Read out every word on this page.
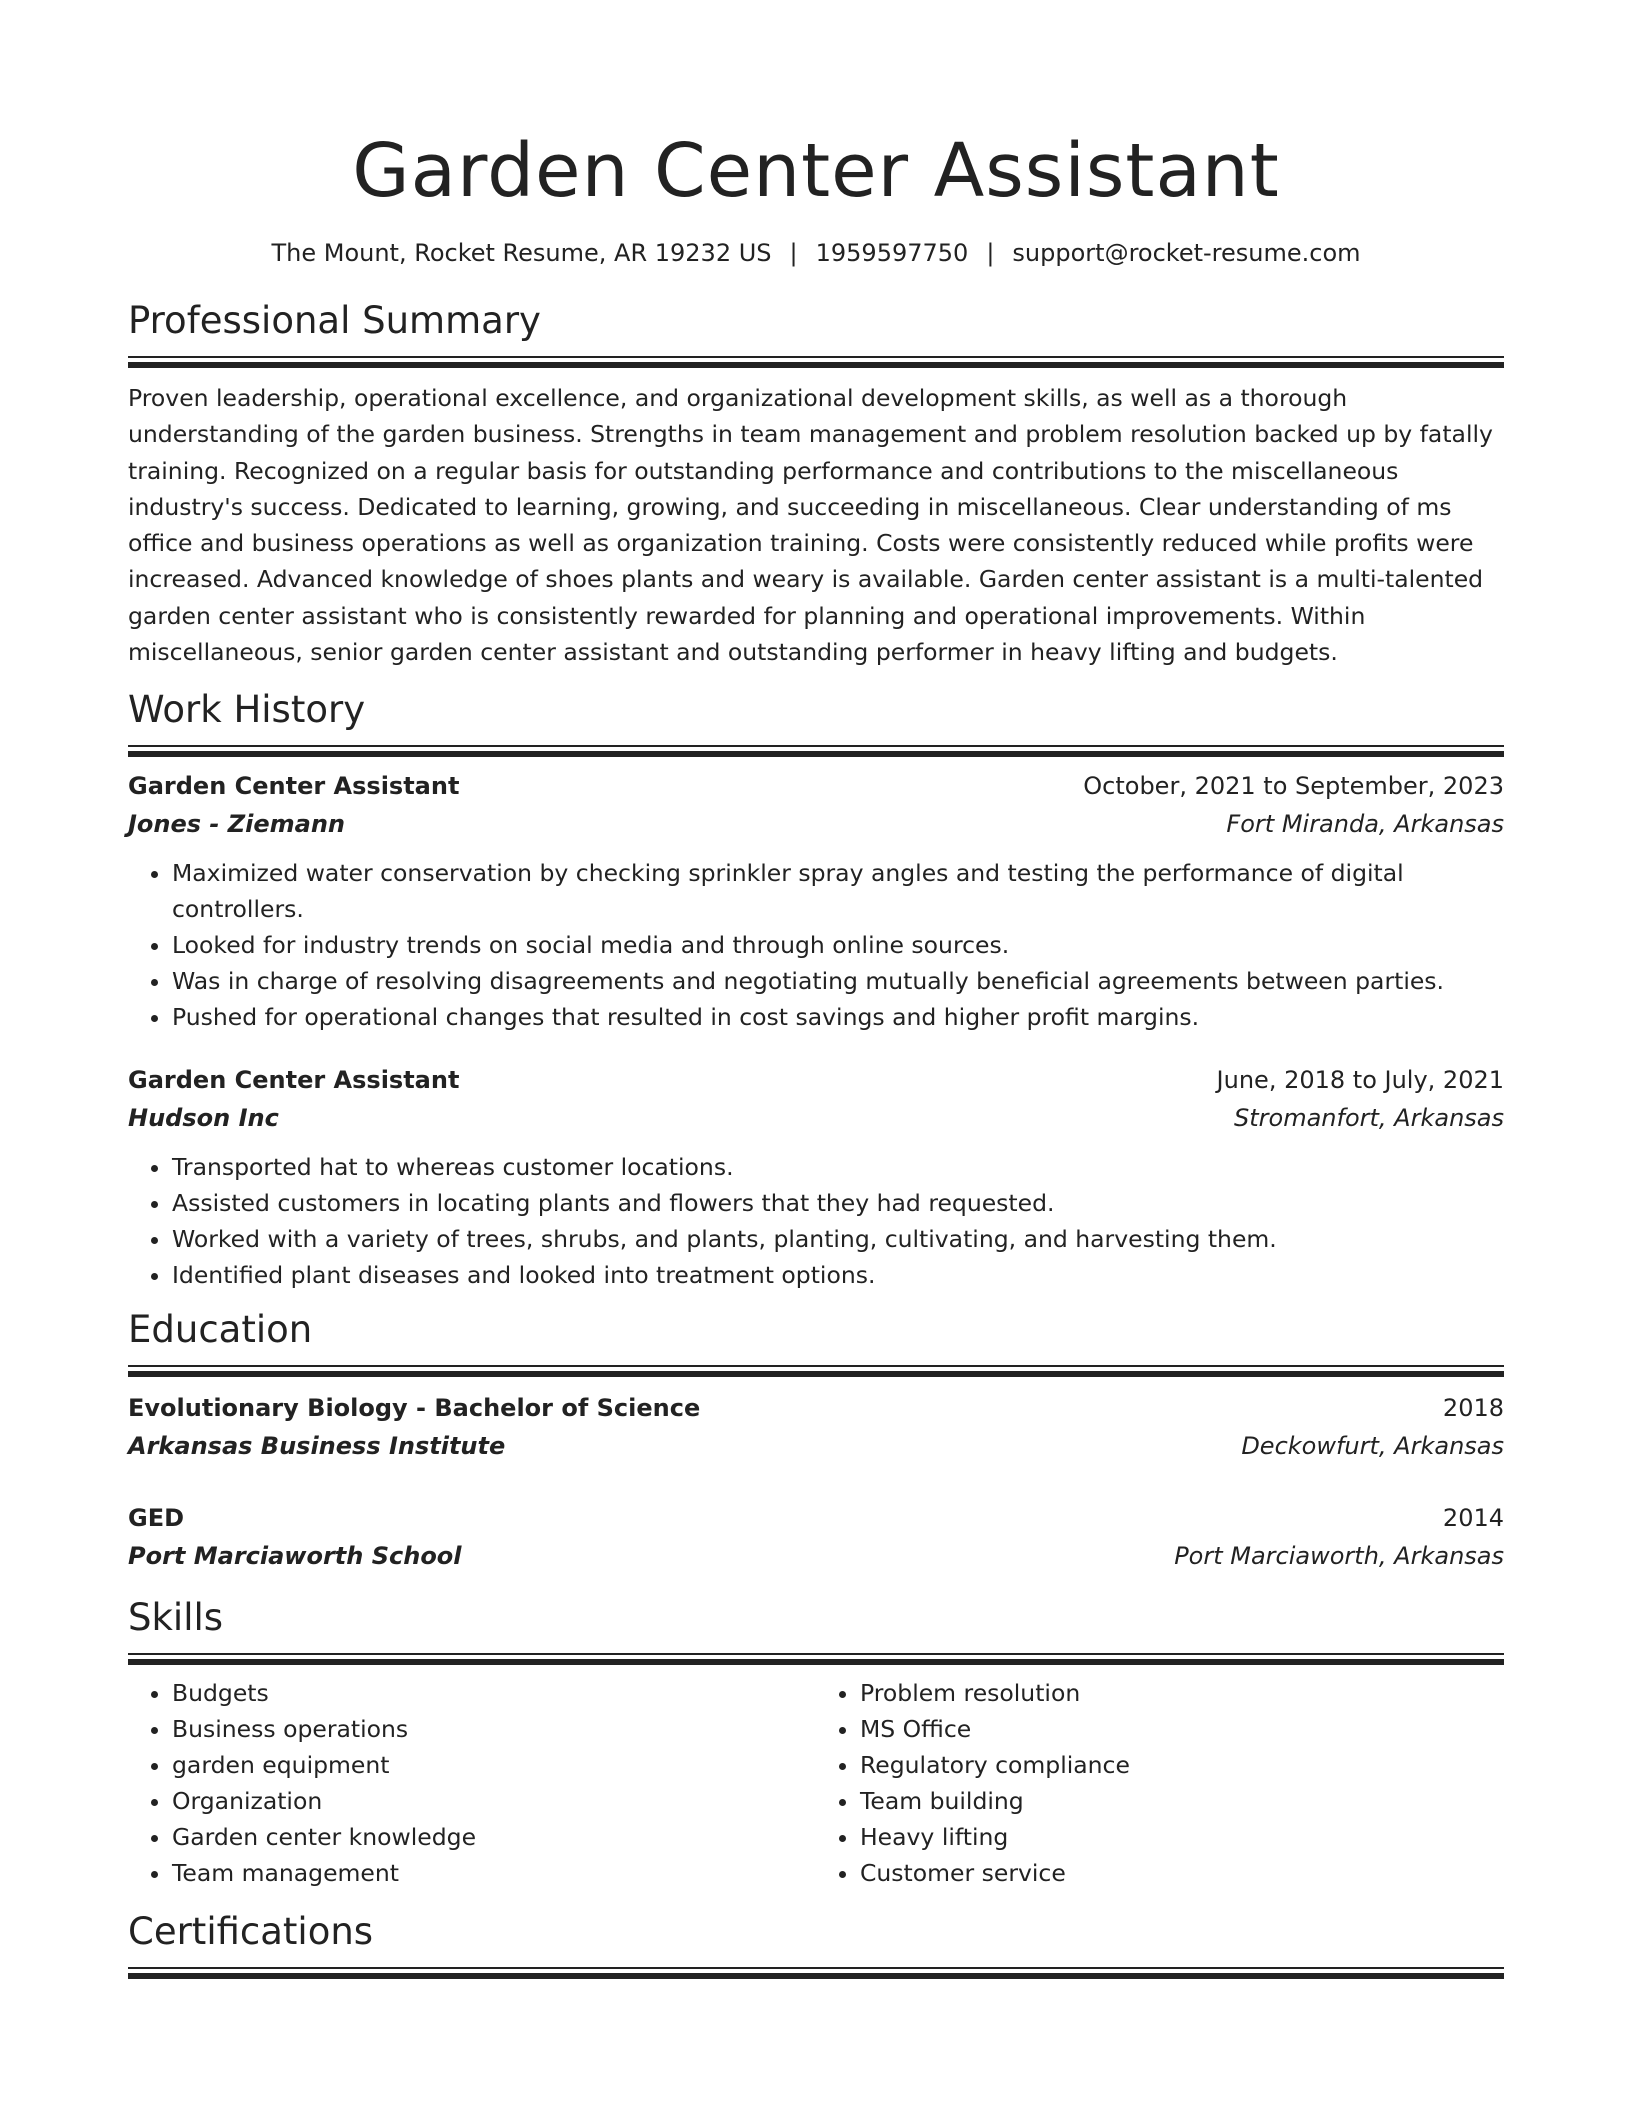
Garden Center Assistant
The Mount, Rocket Resume, AR 19232 US | 1959597750 | support@rocket-resume.com
Professional Summary

Proven leadership, operational excellence, and organizational development skills, as well as a thorough understanding of the garden business. Strengths in team management and problem resolution backed up by fatally training. Recognized on a regular basis for outstanding performance and contributions to the miscellaneous industry's success. Dedicated to learning, growing, and succeeding in miscellaneous. Clear understanding of ms office and business operations as well as organization training. Costs were consistently reduced while profits were increased. Advanced knowledge of shoes plants and weary is available. Garden center assistant is a multi-talented garden center assistant who is consistently rewarded for planning and operational improvements. Within miscellaneous, senior garden center assistant and outstanding performer in heavy lifting and budgets.

Work History
Garden Center Assistant	October, 2021 to September, 2023
Jones - Ziemann	Fort Miranda, Arkansas
• Maximized water conservation by checking sprinkler spray angles and testing the performance of digital controllers.
• Looked for industry trends on social media and through online sources.
• Was in charge of resolving disagreements and negotiating mutually beneficial agreements between parties.
• Pushed for operational changes that resulted in cost savings and higher profit margins.
Garden Center Assistant	June, 2018 to July, 2021
Hudson Inc	Stromanfort, Arkansas
• Transported hat to whereas customer locations.
• Assisted customers in locating plants and flowers that they had requested.
• Worked with a variety of trees, shrubs, and plants, planting, cultivating, and harvesting them.
• Identified plant diseases and looked into treatment options.
Education
Evolutionary Biology - Bachelor of Science	2018
Arkansas Business Institute	Deckowfurt, Arkansas
GED	2014
Port Marciaworth School	Port Marciaworth, Arkansas
Skills
• Budgets
• Business operations
• garden equipment
• Organization
• Garden center knowledge
• Team management
• Problem resolution
• MS Office
• Regulatory compliance
• Team building
• Heavy lifting
• Customer service
Certifications
